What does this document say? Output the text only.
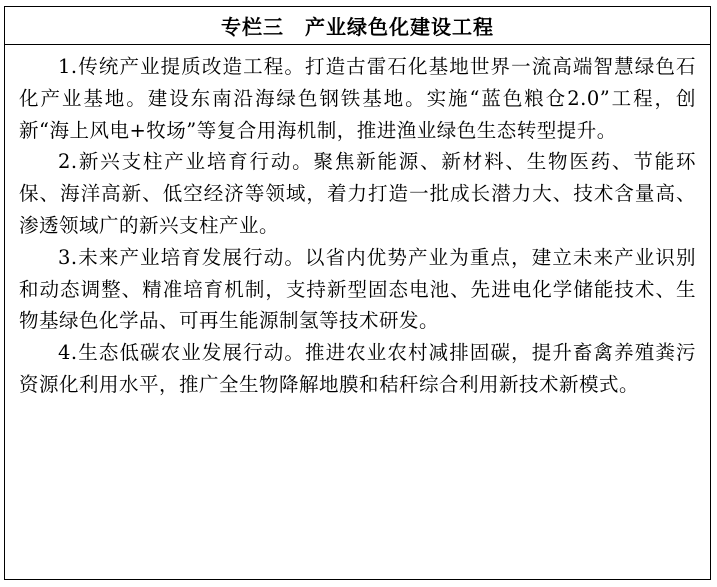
专栏三　产业绿色化建设工程

1.传统产业提质改造工程。打造古雷石化基地世界一流高端智慧绿色石化产业基地。建设东南沿海绿色钢铁基地。实施“蓝色粮仓2.0”工程，创新“海上风电+牧场”等复合用海机制，推进渔业绿色生态转型提升。

2.新兴支柱产业培育行动。聚焦新能源、新材料、生物医药、节能环保、海洋高新、低空经济等领域，着力打造一批成长潜力大、技术含量高、渗透领域广的新兴支柱产业。

3.未来产业培育发展行动。以省内优势产业为重点，建立未来产业识别和动态调整、精准培育机制，支持新型固态电池、先进电化学储能技术、生物基绿色化学品、可再生能源制氢等技术研发。

4.生态低碳农业发展行动。推进农业农村减排固碳，提升畜禽养殖粪污资源化利用水平，推广全生物降解地膜和秸秆综合利用新技术新模式。
